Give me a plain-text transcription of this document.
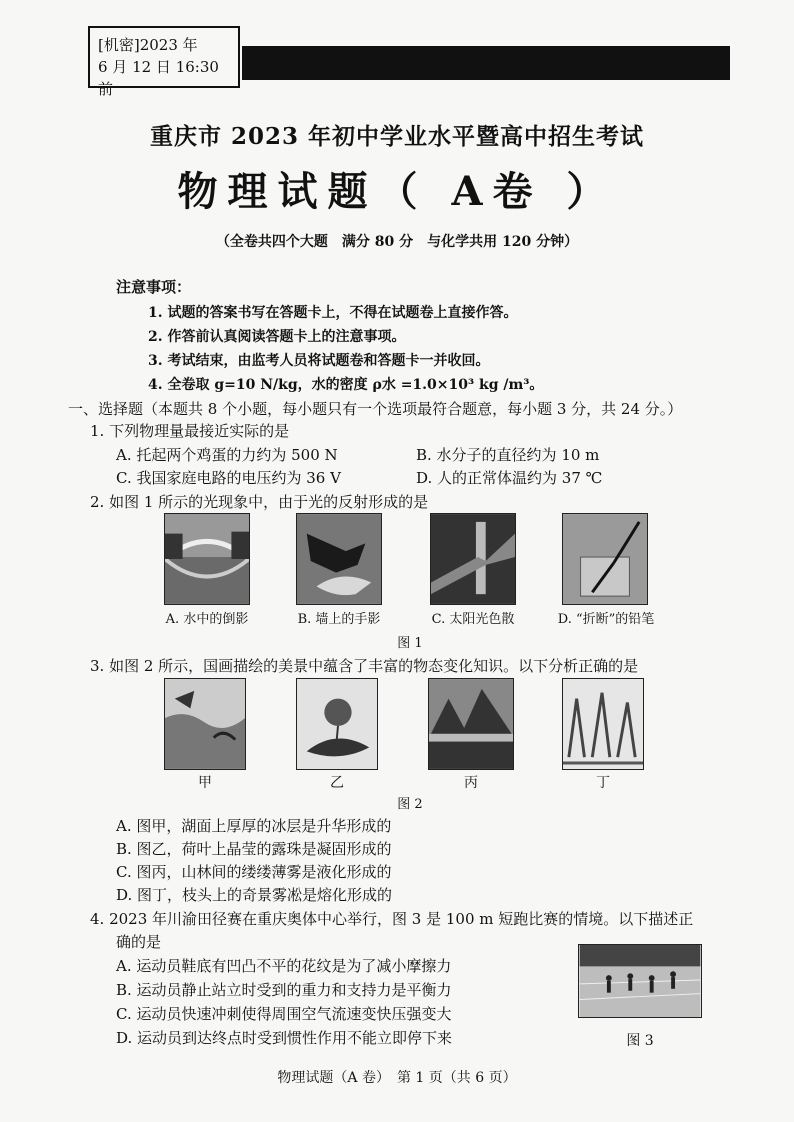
[机密]2023 年
6 月 12 日 16:30 前
重庆市 2023 年初中学业水平暨高中招生考试
物理试题（ A卷 ）
（全卷共四个大题　满分 80 分　与化学共用 120 分钟）
注意事项：
1. 试题的答案书写在答题卡上，不得在试题卷上直接作答。
2. 作答前认真阅读答题卡上的注意事项。
3. 考试结束，由监考人员将试题卷和答题卡一并收回。
4. 全卷取 g=10 N/kg，水的密度 ρ水 =1.0×10³ kg /m³。
一、选择题（本题共 8 个小题，每小题只有一个选项最符合题意，每小题 3 分，共 24 分。）
1. 下列物理量最接近实际的是
A. 托起两个鸡蛋的力约为 500 N	B. 水分子的直径约为 10 m
C. 我国家庭电路的电压约为 36 V	D. 人的正常体温约为 37 ℃
2. 如图 1 所示的光现象中，由于光的反射形成的是
A. 水中的倒影	B. 墙上的手影	C. 太阳光色散	D. “折断”的铅笔
图 1
3. 如图 2 所示，国画描绘的美景中蕴含了丰富的物态变化知识。以下分析正确的是
甲	乙	丙	丁
图 2
A. 图甲，湖面上厚厚的冰层是升华形成的
B. 图乙，荷叶上晶莹的露珠是凝固形成的
C. 图丙，山林间的缕缕薄雾是液化形成的
D. 图丁，枝头上的奇景雾凇是熔化形成的
4. 2023 年川渝田径赛在重庆奥体中心举行，图 3 是 100 m 短跑比赛的情境。以下描述正
确的是
A. 运动员鞋底有凹凸不平的花纹是为了减小摩擦力
B. 运动员静止站立时受到的重力和支持力是平衡力
C. 运动员快速冲刺使得周围空气流速变快压强变大
D. 运动员到达终点时受到惯性作用不能立即停下来	图 3
物理试题（A 卷）　第 1 页（共 6 页）
